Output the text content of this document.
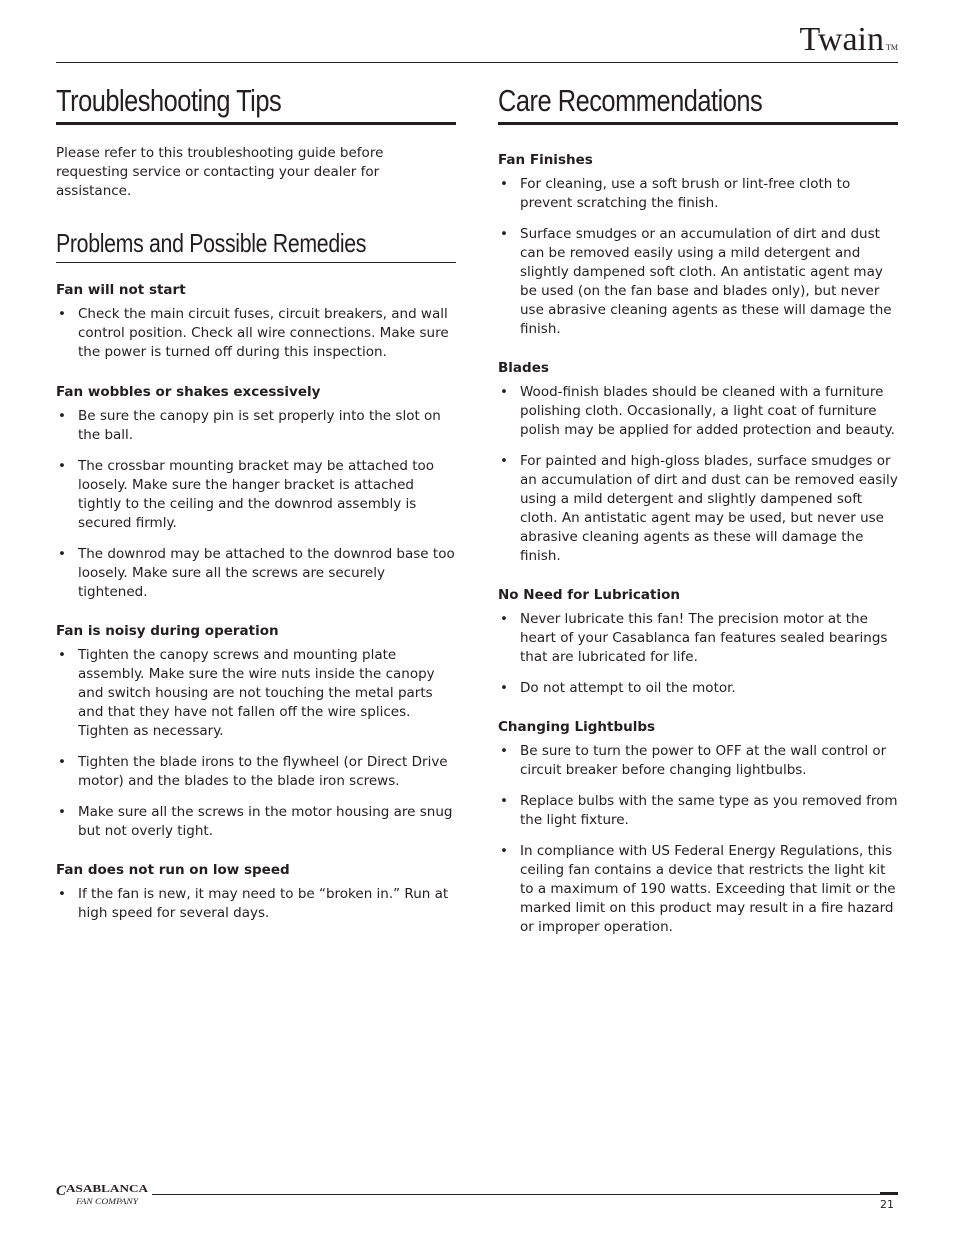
Twain ™
Troubleshooting Tips

Please refer to this troubleshooting guide before requesting service or contacting your dealer for assistance.

Problems and Possible Remedies
Fan will not start
• Check the main circuit fuses, circuit breakers, and wall control position. Check all wire connections. Make sure the power is turned off during this inspection.
Fan wobbles or shakes excessively
• Be sure the canopy pin is set properly into the slot on the ball.
• The crossbar mounting bracket may be attached too loosely. Make sure the hanger bracket is attached tightly to the ceiling and the downrod assembly is secured firmly.
• The downrod may be attached to the downrod base too loosely. Make sure all the screws are securely tightened.
Fan is noisy during operation
• Tighten the canopy screws and mounting plate assembly. Make sure the wire nuts inside the canopy and switch housing are not touching the metal parts and that they have not fallen off the wire splices. Tighten as necessary.
• Tighten the blade irons to the flywheel (or Direct Drive motor) and the blades to the blade iron screws.
• Make sure all the screws in the motor housing are snug but not overly tight.
Fan does not run on low speed
• If the fan is new, it may need to be “broken in.” Run at high speed for several days.
Care Recommendations
Fan Finishes
• For cleaning, use a soft brush or lint-free cloth to prevent scratching the finish.
• Surface smudges or an accumulation of dirt and dust can be removed easily using a mild detergent and slightly dampened soft cloth. An antistatic agent may be used (on the fan base and blades only), but never use abrasive cleaning agents as these will damage the finish.
Blades
• Wood-finish blades should be cleaned with a furniture polishing cloth. Occasionally, a light coat of furniture polish may be applied for added protection and beauty.
• For painted and high-gloss blades, surface smudges or an accumulation of dirt and dust can be removed easily using a mild detergent and slightly dampened soft cloth. An antistatic agent may be used, but never use abrasive cleaning agents as these will damage the finish.
No Need for Lubrication
• Never lubricate this fan! The precision motor at the heart of your Casablanca fan features sealed bearings that are lubricated for life.
• Do not attempt to oil the motor.
Changing Lightbulbs
• Be sure to turn the power to OFF at the wall control or circuit breaker before changing lightbulbs.
• Replace bulbs with the same type as you removed from the light fixture.
• In compliance with US Federal Energy Regulations, this ceiling fan contains a device that restricts the light kit to a maximum of 190 watts. Exceeding that limit or the marked limit on this product may result in a fire hazard or improper operation.
C ASABLANCA
FAN COMPANY	21
